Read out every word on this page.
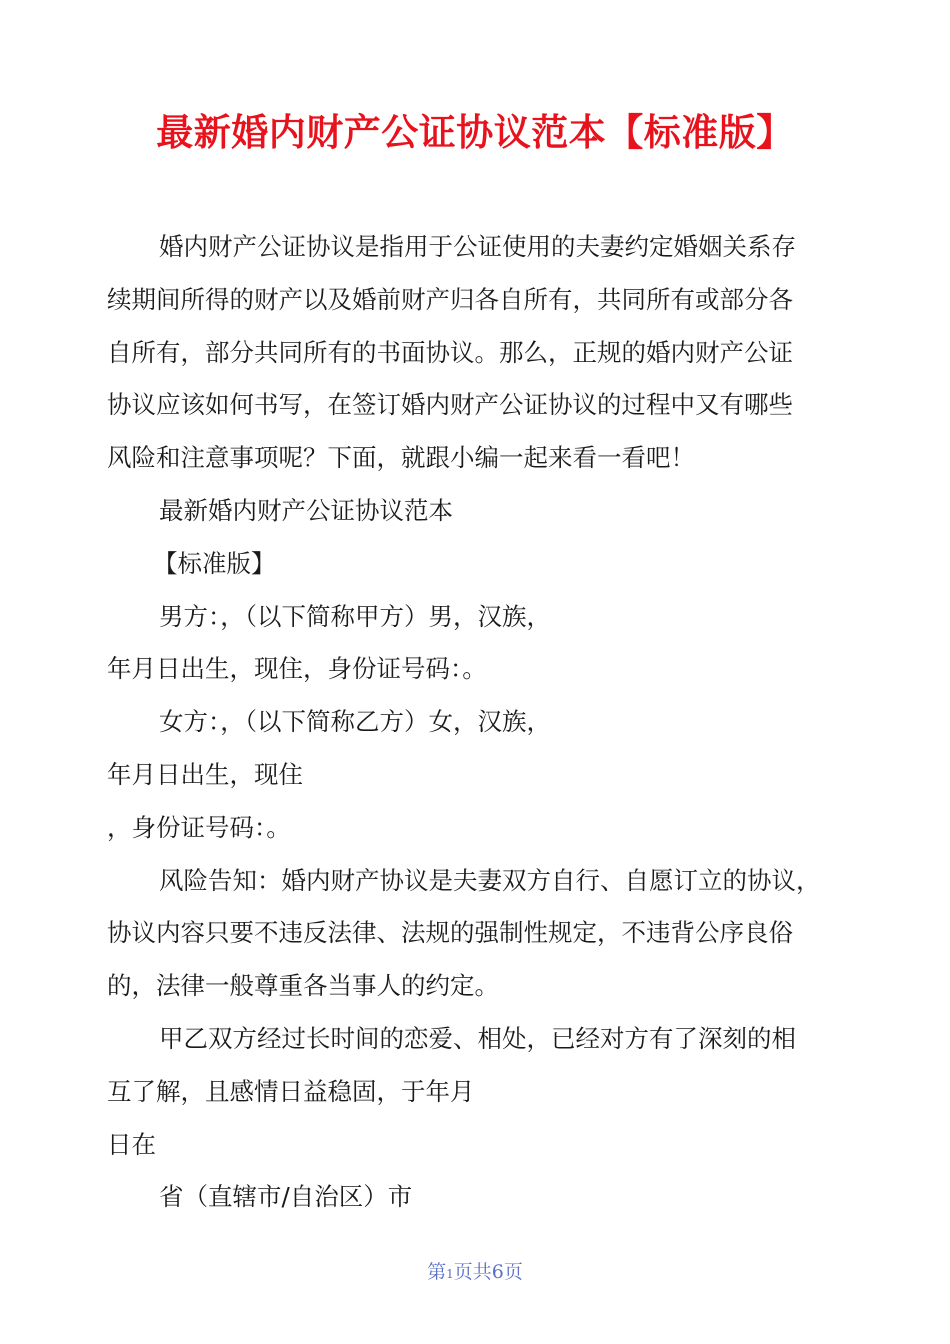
最新婚内财产公证协议范本【标准版】

婚内财产公证协议是指用于公证使用的夫妻约定婚姻关系存

续期间所得的财产以及婚前财产归各自所有，共同所有或部分各

自所有，部分共同所有的书面协议。那么，正规的婚内财产公证

协议应该如何书写，在签订婚内财产公证协议的过程中又有哪些

风险和注意事项呢？下面，就跟小编一起来看一看吧！

最新婚内财产公证协议范本

【标准版】

男方：，（以下简称甲方）男，汉族，

年月日出生，现住，身份证号码：。

女方：，（以下简称乙方）女，汉族，

年月日出生，现住

，身份证号码：。

风险告知：婚内财产协议是夫妻双方自行、自愿订立的协议，

协议内容只要不违反法律、法规的强制性规定，不违背公序良俗

的，法律一般尊重各当事人的约定。

甲乙双方经过长时间的恋爱、相处，已经对方有了深刻的相

互了解，且感情日益稳固，于年月

日在

省（直辖市/自治区）市

第1页共6页
